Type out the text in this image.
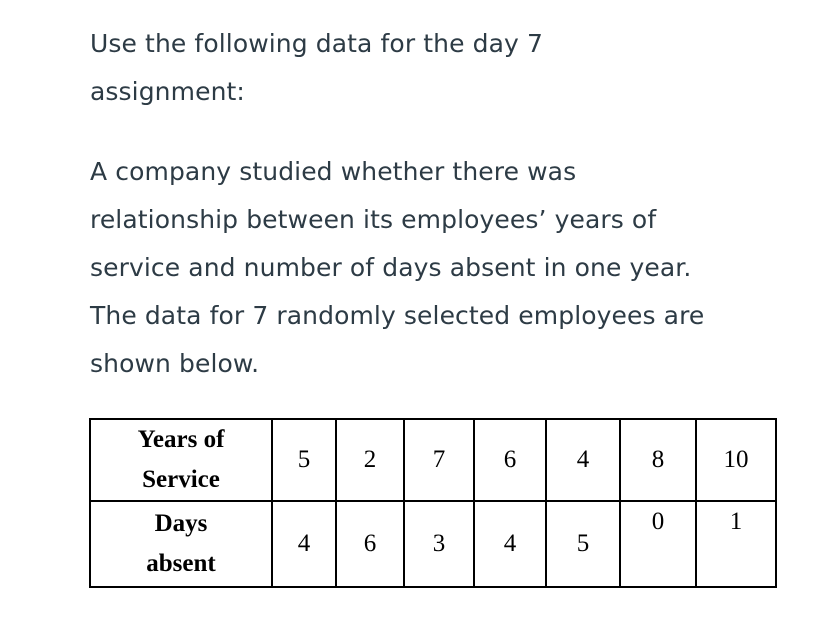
Use the following data for the day 7
assignment:

A company studied whether there was
relationship between its employees’ years of
service and number of days absent in one year.
The data for 7 randomly selected employees are
shown below.

Years of
Service	5	2	7	6	4	8	10

Days
absent	4	6	3	4	5	0	1
